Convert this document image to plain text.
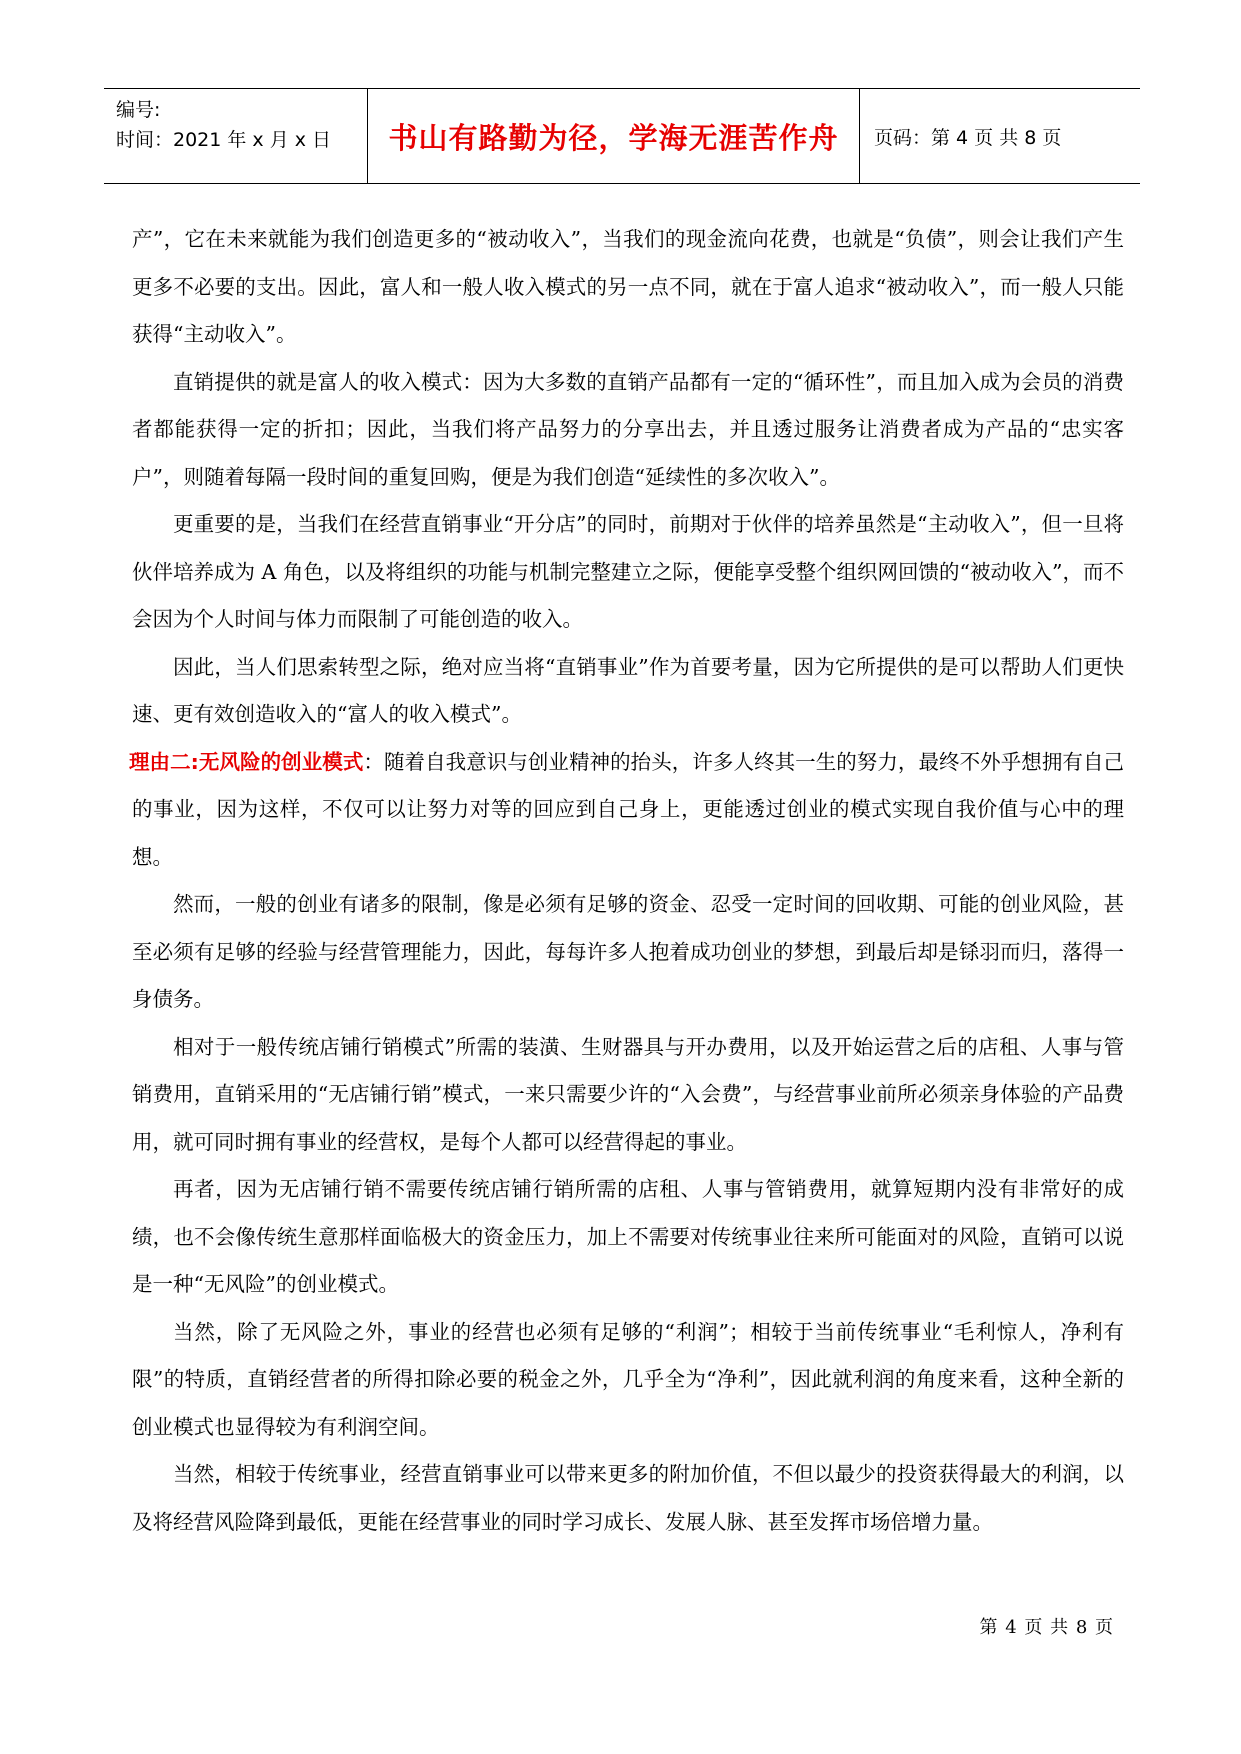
编号:
时间：2021 年 x 月 x 日	书山有路勤为径，学海无涯苦作舟	页码：第 4 页 共 8 页

产”，它在未来就能为我们创造更多的“被动收入”，当我们的现金流向花费，也就是“负债”，则会让我们产生更多不必要的支出。因此，富人和一般人收入模式的另一点不同，就在于富人追求“被动收入”，而一般人只能获得“主动收入”。

直销提供的就是富人的收入模式：因为大多数的直销产品都有一定的“循环性”，而且加入成为会员的消费者都能获得一定的折扣；因此，当我们将产品努力的分享出去，并且透过服务让消费者成为产品的“忠实客户”，则随着每隔一段时间的重复回购，便是为我们创造“延续性的多次收入”。

更重要的是，当我们在经营直销事业“开分店”的同时，前期对于伙伴的培养虽然是“主动收入”，但一旦将伙伴培养成为 A 角色，以及将组织的功能与机制完整建立之际，便能享受整个组织网回馈的“被动收入”，而不会因为个人时间与体力而限制了可能创造的收入。

因此，当人们思索转型之际，绝对应当将“直销事业”作为首要考量，因为它所提供的是可以帮助人们更快速、更有效创造收入的“富人的收入模式”。

理由二:无风险的创业模式：随着自我意识与创业精神的抬头，许多人终其一生的努力，最终不外乎想拥有自己的事业，因为这样，不仅可以让努力对等的回应到自己身上，更能透过创业的模式实现自我价值与心中的理想。

然而，一般的创业有诸多的限制，像是必须有足够的资金、忍受一定时间的回收期、可能的创业风险，甚至必须有足够的经验与经营管理能力，因此，每每许多人抱着成功创业的梦想，到最后却是铩羽而归，落得一身债务。

相对于一般传统店铺行销模式”所需的装潢、生财器具与开办费用，以及开始运营之后的店租、人事与管销费用，直销采用的“无店铺行销”模式，一来只需要少许的“入会费”，与经营事业前所必须亲身体验的产品费用，就可同时拥有事业的经营权，是每个人都可以经营得起的事业。

再者，因为无店铺行销不需要传统店铺行销所需的店租、人事与管销费用，就算短期内没有非常好的成绩，也不会像传统生意那样面临极大的资金压力，加上不需要对传统事业往来所可能面对的风险，直销可以说是一种“无风险”的创业模式。

当然，除了无风险之外，事业的经营也必须有足够的“利润”；相较于当前传统事业“毛利惊人，净利有限”的特质，直销经营者的所得扣除必要的税金之外，几乎全为“净利”，因此就利润的角度来看，这种全新的创业模式也显得较为有利润空间。

当然，相较于传统事业，经营直销事业可以带来更多的附加价值，不但以最少的投资获得最大的利润，以及将经营风险降到最低，更能在经营事业的同时学习成长、发展人脉、甚至发挥市场倍增力量。

第 4 页 共 8 页
